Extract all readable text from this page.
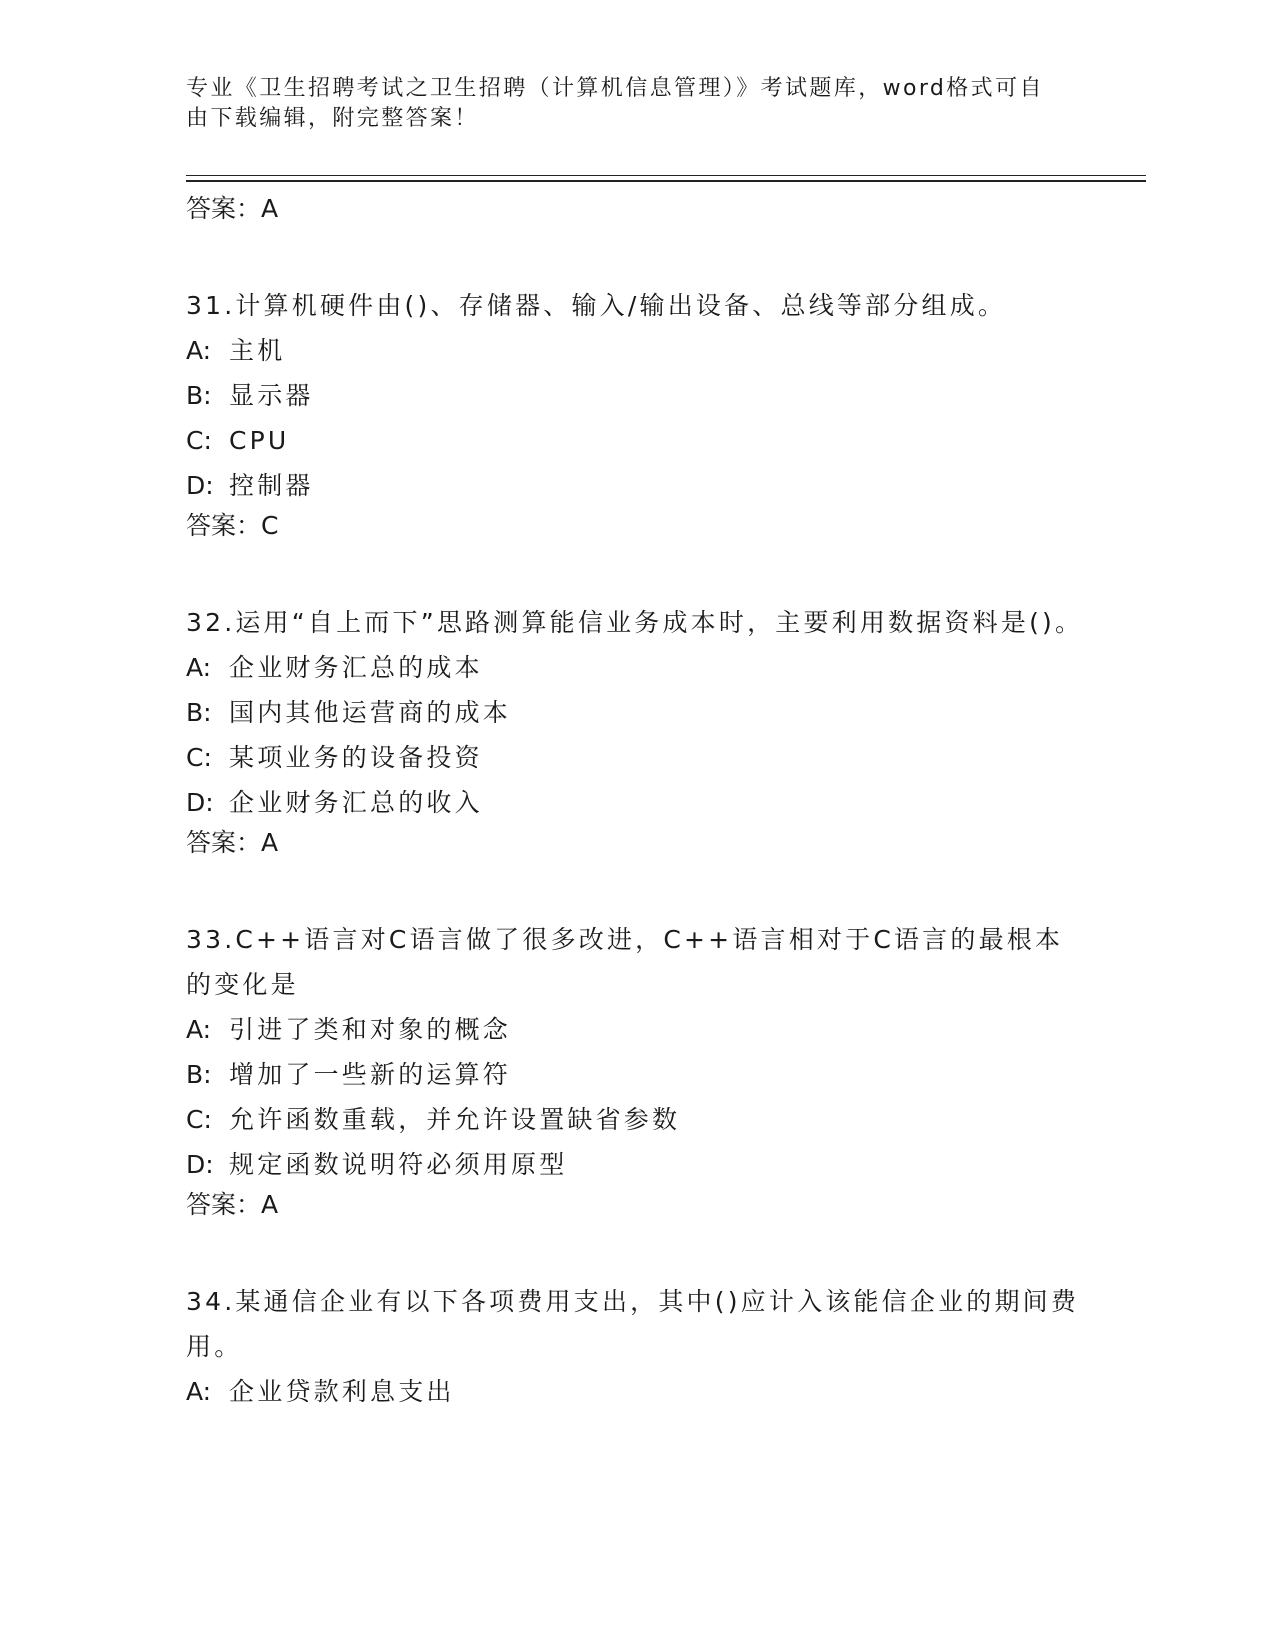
专业《卫生招聘考试之卫生招聘（计算机信息管理）》考试题库，word格式可自由下载编辑，附完整答案！
答案：A
31.计算机硬件由()、存储器、输入/输出设备、总线等部分组成。
A: 主机
B: 显示器
C: CPU
D: 控制器
答案：C
32.运用“自上而下”思路测算能信业务成本时，主要利用数据资料是()。
A: 企业财务汇总的成本
B: 国内其他运营商的成本
C: 某项业务的设备投资
D: 企业财务汇总的收入
答案：A
33.C++语言对C语言做了很多改进，C++语言相对于C语言的最根本的变化是
A: 引进了类和对象的概念
B: 增加了一些新的运算符
C: 允许函数重载，并允许设置缺省参数
D: 规定函数说明符必须用原型
答案：A
34.某通信企业有以下各项费用支出，其中()应计入该能信企业的期间费用。
A: 企业贷款利息支出
